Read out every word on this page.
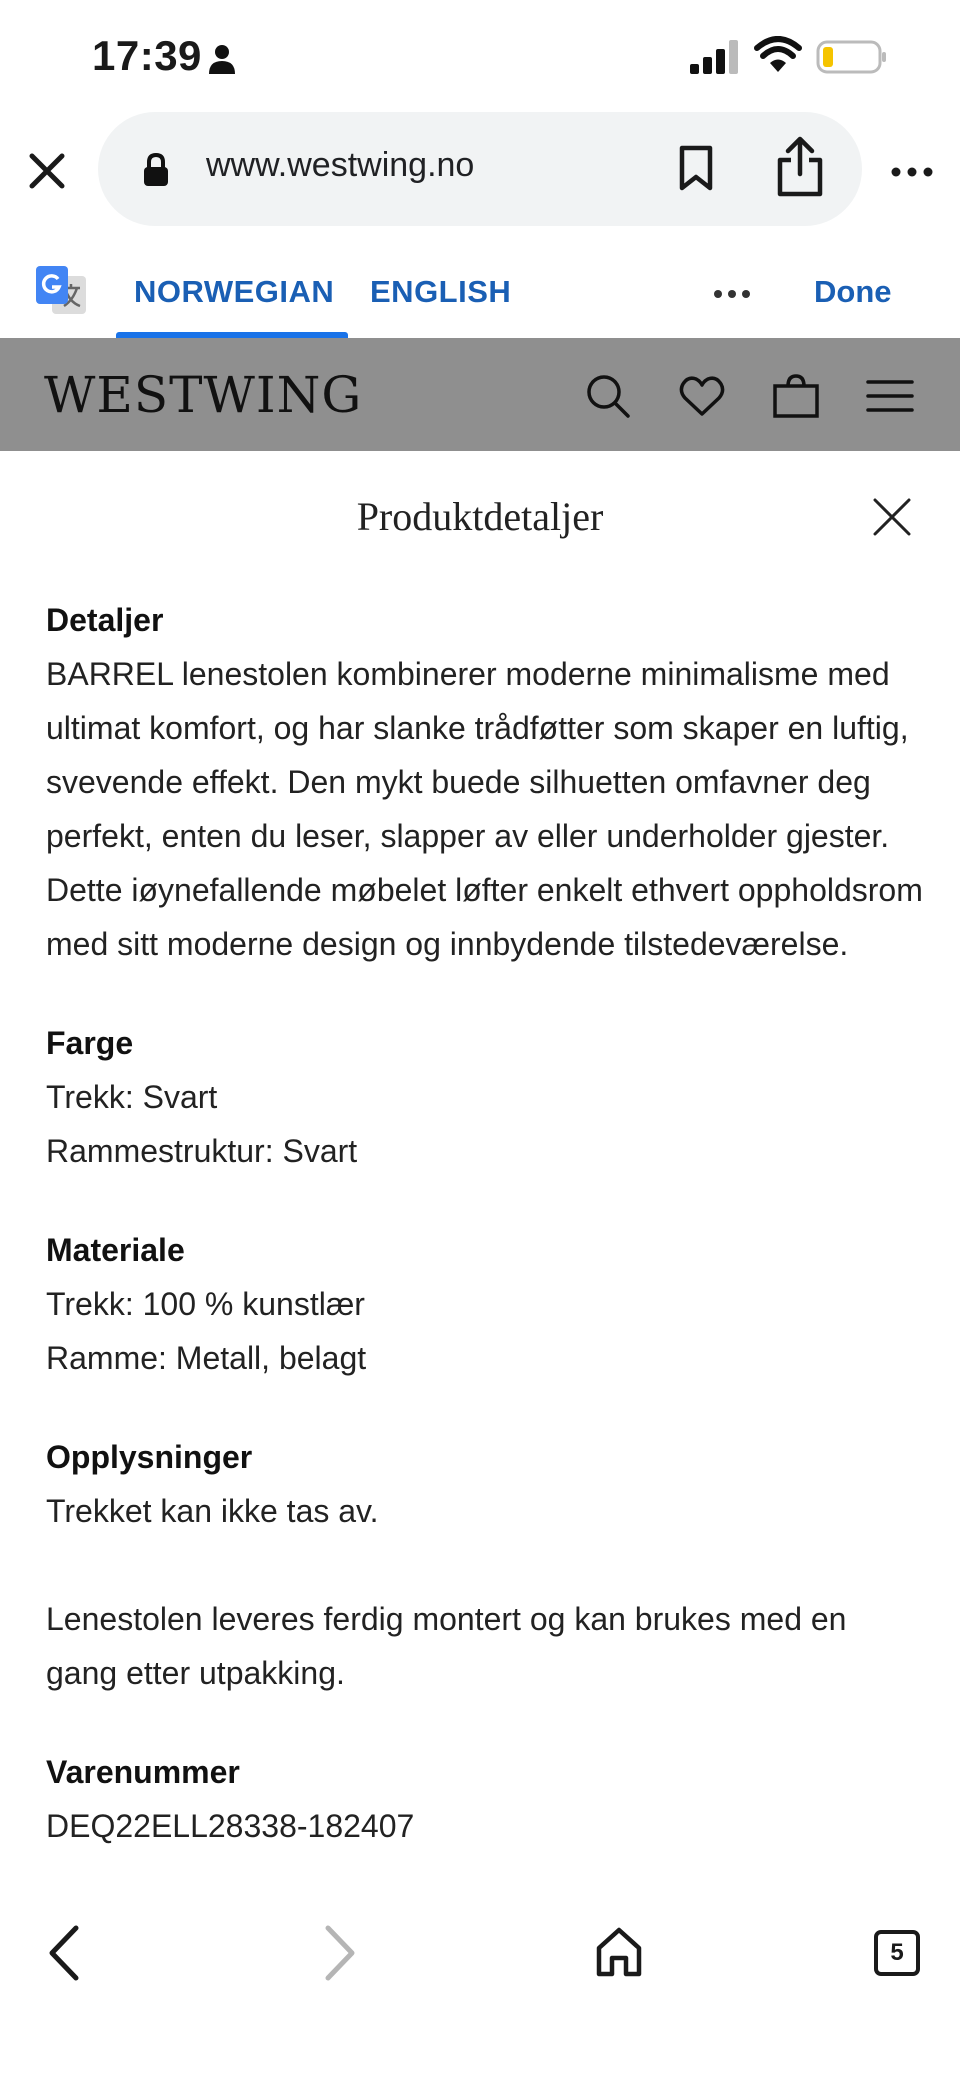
17:39
www.westwing.no
NORWEGIAN ENGLISH	Done
WESTWING
Produktdetaljer
Detaljer
BARREL lenestolen kombinerer moderne minimalisme med ultimat komfort, og har slanke trådføtter som skaper en luftig, svevende effekt. Den mykt buede silhuetten omfavner deg perfekt, enten du leser, slapper av eller underholder gjester. Dette iøynefallende møbelet løfter enkelt ethvert oppholdsrom med sitt moderne design og innbydende tilstedeværelse.
Farge
Trekk: Svart
Rammestruktur: Svart
Materiale
Trekk: 100 % kunstlær
Ramme: Metall, belagt
Opplysninger
Trekket kan ikke tas av.
Lenestolen leveres ferdig montert og kan brukes med en gang etter utpakking.
Varenummer
DEQ22ELL28338-182407
5
